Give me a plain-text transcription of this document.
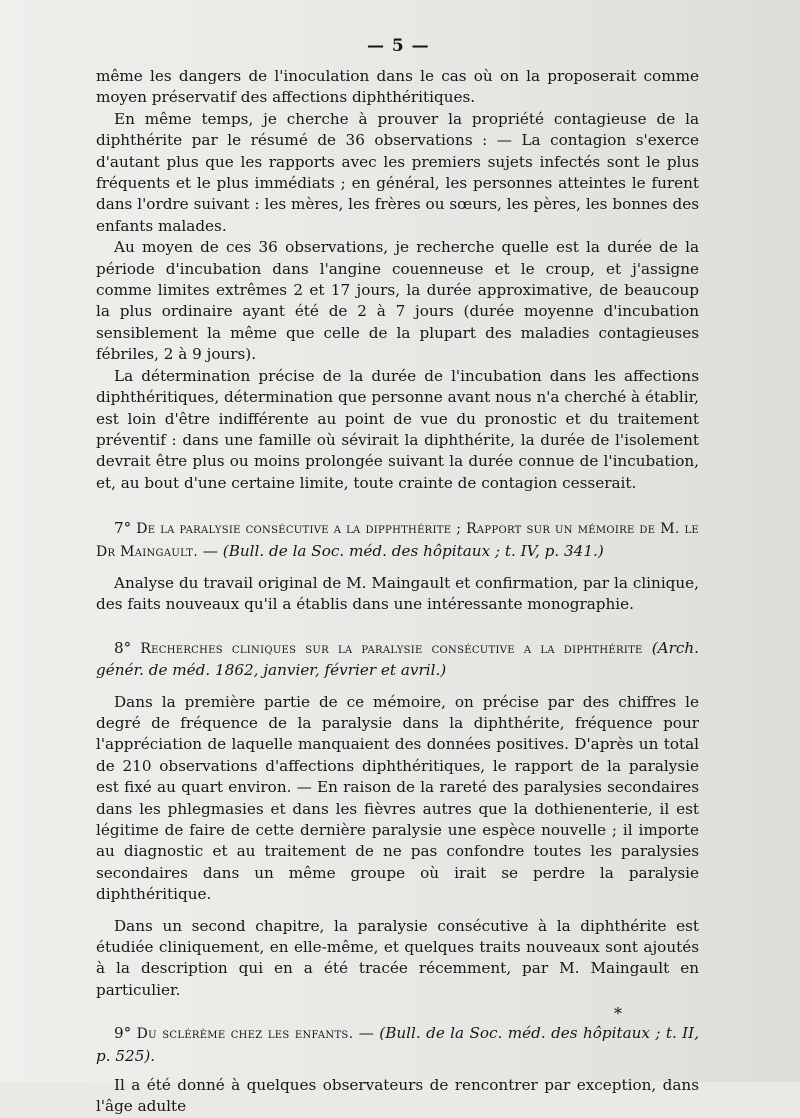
— 5 —

même les dangers de l'inoculation dans le cas où on la proposerait comme moyen préservatif des affections diphthéritiques.

En même temps, je cherche à prouver la propriété contagieuse de la diphthérite par le résumé de 36 observations : — La contagion s'exerce d'autant plus que les rapports avec les premiers sujets infectés sont le plus fréquents et le plus immédiats ; en général, les personnes atteintes le furent dans l'ordre suivant : les mères, les frères ou sœurs, les pères, les bonnes des enfants malades.

Au moyen de ces 36 observations, je recherche quelle est la durée de la période d'incubation dans l'angine couenneuse et le croup, et j'assigne comme limites extrêmes 2 et 17 jours, la durée approximative, de beaucoup la plus ordinaire ayant été de 2 à 7 jours (durée moyenne d'incubation sensiblement la même que celle de la plupart des maladies contagieuses fébriles, 2 à 9 jours).

La détermination précise de la durée de l'incubation dans les affections diphthéritiques, détermination que personne avant nous n'a cherché à établir, est loin d'être indifférente au point de vue du pronostic et du traitement préventif : dans une famille où sévirait la diphthérite, la durée de l'isolement devrait être plus ou moins prolongée suivant la durée connue de l'incubation, et, au bout d'une certaine limite, toute crainte de contagion cesserait.

7° De la paralysie consécutive a la dipphthérite ; Rapport sur un mémoire de M. le Dr Maingault. — (Bull. de la Soc. méd. des hôpitaux ; t. IV, p. 341.)

Analyse du travail original de M. Maingault et confirmation, par la clinique, des faits nouveaux qu'il a établis dans une intéressante monographie.

8° Recherches cliniques sur la paralysie consécutive a la diphthérite (Arch. génér. de méd. 1862, janvier, février et avril.)

Dans la première partie de ce mémoire, on précise par des chiffres le degré de fréquence de la paralysie dans la diphthérite, fréquence pour l'appréciation de laquelle manquaient des données positives. D'après un total de 210 observations d'affections diphthéritiques, le rapport de la paralysie est fixé au quart environ. — En raison de la rareté des paralysies secondaires dans les phlegmasies et dans les fièvres autres que la dothienenterie, il est légitime de faire de cette dernière paralysie une espèce nouvelle ; il importe au diagnostic et au traitement de ne pas confondre toutes les paralysies secondaires dans un même groupe où irait se perdre la paralysie diphthéritique.

Dans un second chapitre, la paralysie consécutive à la diphthérite est étudiée cliniquement, en elle-même, et quelques traits nouveaux sont ajoutés à la description qui en a été tracée récemment, par M. Maingault en particulier.

9° Du sclérème chez les enfants. — (Bull. de la Soc. méd. des hôpitaux ; t. II, p. 525).

Il a été donné à quelques observateurs de rencontrer par exception, dans l'âge adulte

*
